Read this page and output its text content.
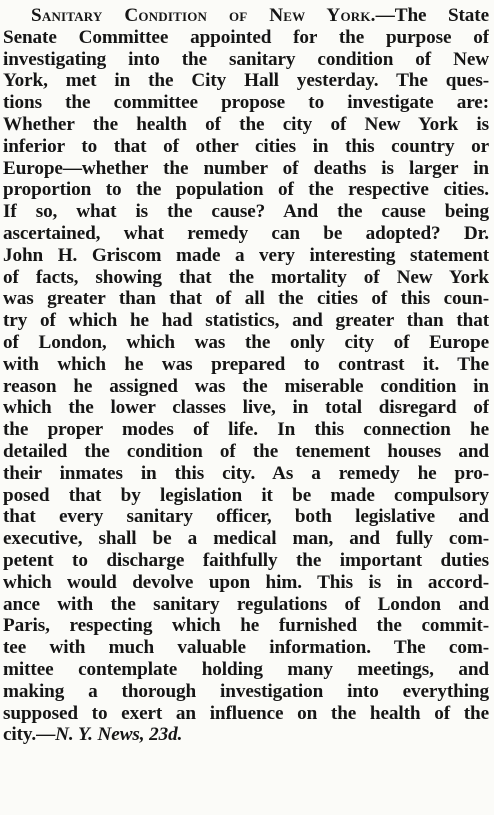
Sanitary Condition of New York.—The State
Senate Committee appointed for the purpose of
investigating into the sanitary condition of New
York, met in the City Hall yesterday. The ques-
tions the committee propose to investigate are:
Whether the health of the city of New York is
inferior to that of other cities in this country or
Europe—whether the number of deaths is larger in
proportion to the population of the respective cities.
If so, what is the cause? And the cause being
ascertained, what remedy can be adopted? Dr.
John H. Griscom made a very interesting statement
of facts, showing that the mortality of New York
was greater than that of all the cities of this coun-
try of which he had statistics, and greater than that
of London, which was the only city of Europe
with which he was prepared to contrast it. The
reason he assigned was the miserable condition in
which the lower classes live, in total disregard of
the proper modes of life. In this connection he
detailed the condition of the tenement houses and
their inmates in this city. As a remedy he pro-
posed that by legislation it be made compulsory
that every sanitary officer, both legislative and
executive, shall be a medical man, and fully com-
petent to discharge faithfully the important duties
which would devolve upon him. This is in accord-
ance with the sanitary regulations of London and
Paris, respecting which he furnished the commit-
tee with much valuable information. The com-
mittee contemplate holding many meetings, and
making a thorough investigation into everything
supposed to exert an influence on the health of the
city.—N. Y. News, 23d.
